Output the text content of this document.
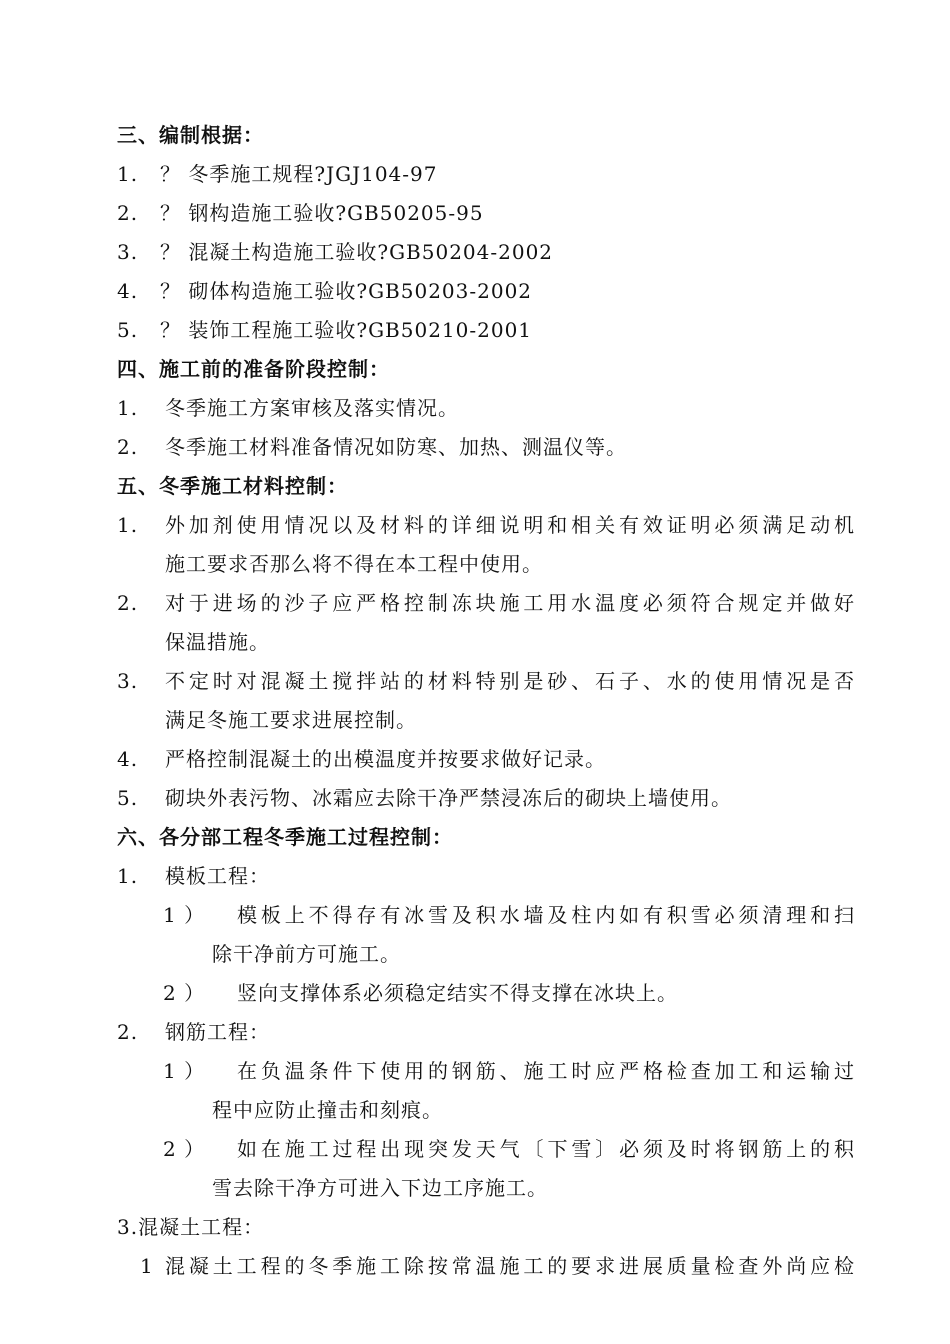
三、编制根据：
1. ？ 冬季施工规程?JGJ104-97
2. ？ 钢构造施工验收?GB50205-95
3. ？ 混凝土构造施工验收?GB50204-2002
4. ？ 砌体构造施工验收?GB50203-2002
5. ？ 装饰工程施工验收?GB50210-2001
四、施工前的准备阶段控制：
1. 冬季施工方案审核及落实情况。
2. 冬季施工材料准备情况如防寒、加热、测温仪等。
五、冬季施工材料控制：
1. 外加剂使用情况以及材料的详细说明和相关有效证明必须满足动机
施工要求否那么将不得在本工程中使用。
2. 对于进场的沙子应严格控制冻块施工用水温度必须符合规定并做好
保温措施。
3. 不定时对混凝土搅拌站的材料特别是砂、石子、水的使用情况是否
满足冬施工要求进展控制。
4. 严格控制混凝土的出模温度并按要求做好记录。
5. 砌块外表污物、冰霜应去除干净严禁浸冻后的砌块上墙使用。
六、各分部工程冬季施工过程控制：
1. 模板工程：
1 ） 模板上不得存有冰雪及积水墙及柱内如有积雪必须清理和扫
除干净前方可施工。
2 ） 竖向支撑体系必须稳定结实不得支撑在冰块上。
2. 钢筋工程：
1 ） 在负温条件下使用的钢筋、施工时应严格检查加工和运输过
程中应防止撞击和刻痕。
2 ） 如在施工过程出现突发天气〔下雪〕必须及时将钢筋上的积
雪去除干净方可进入下边工序施工。
3.混凝土工程：
1 混凝土工程的冬季施工除按常温施工的要求进展质量检查外尚应检
